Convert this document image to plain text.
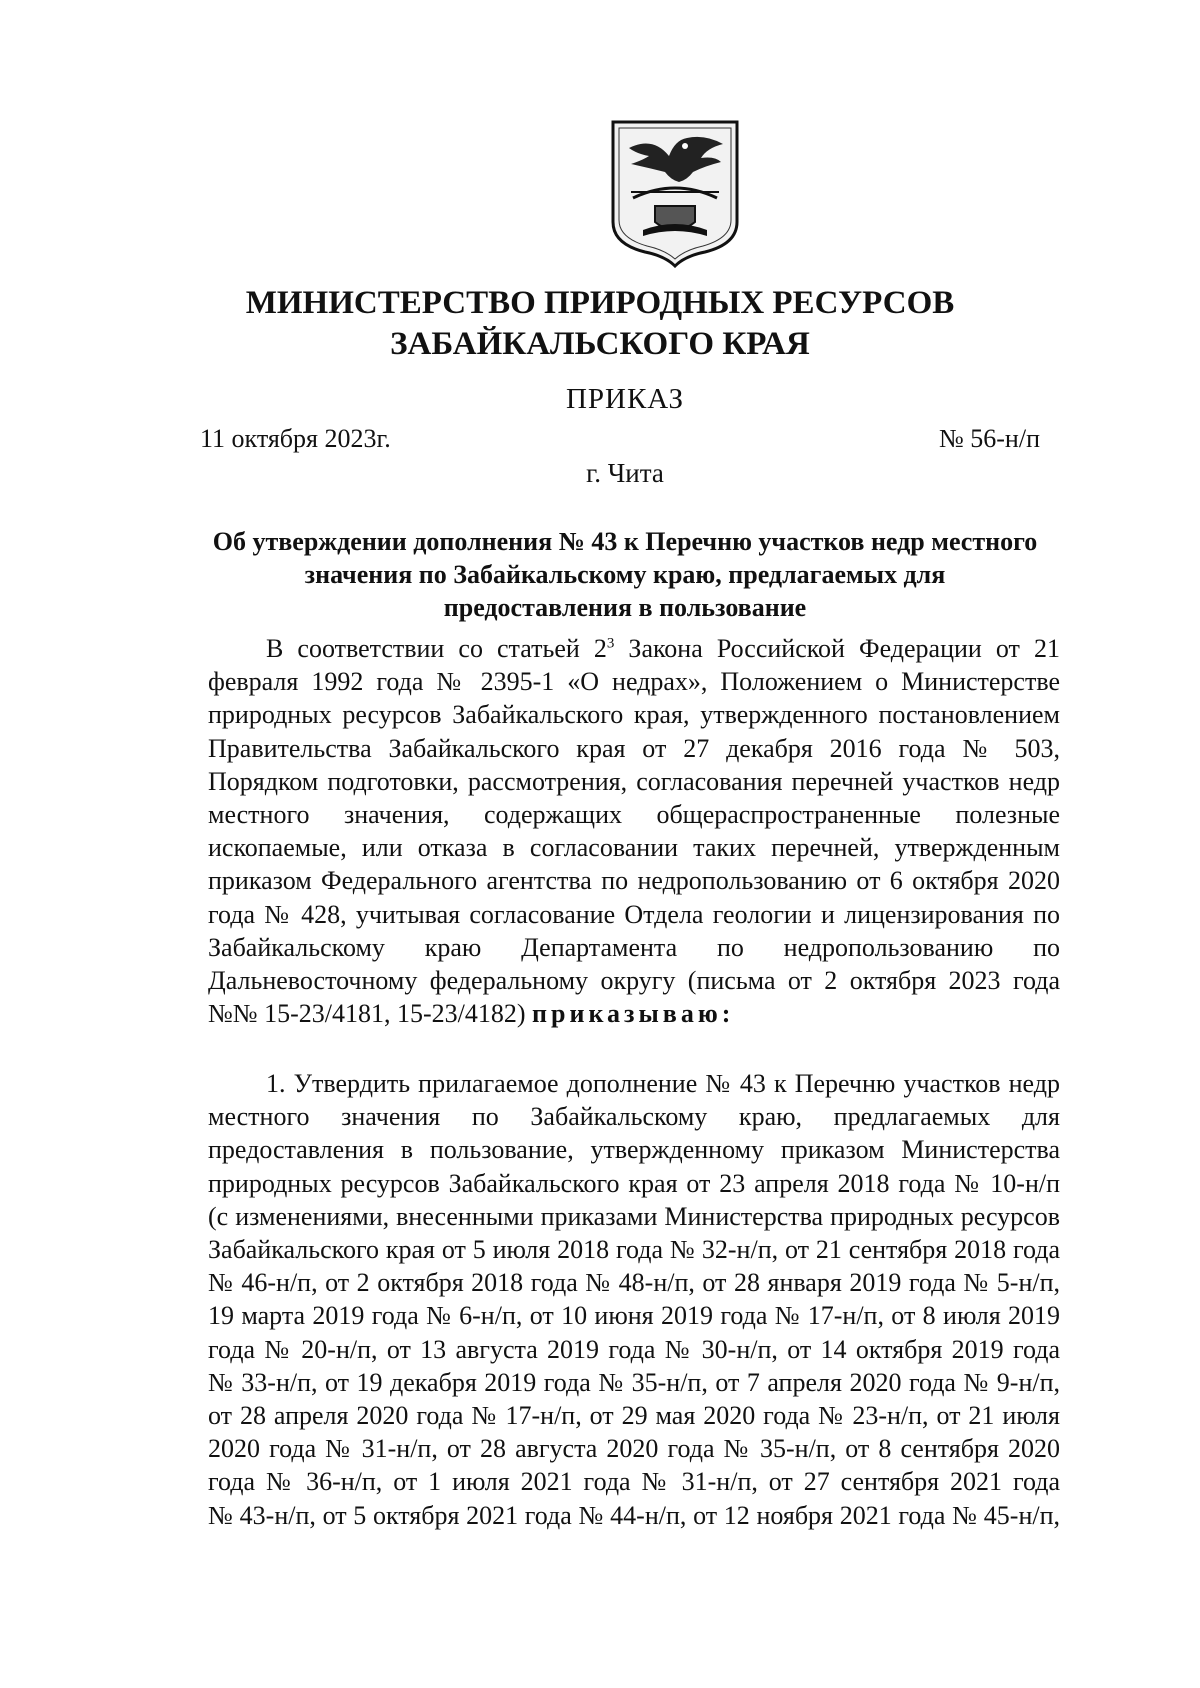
МИНИСТЕРСТВО ПРИРОДНЫХ РЕСУРСОВ
ЗАБАЙКАЛЬСКОГО КРАЯ
ПРИКАЗ
11 октября 2023г.	№ 56-н/п
г. Чита
Об утверждении дополнения № 43 к Перечню участков недр местного
значения по Забайкальскому краю, предлагаемых для
предоставления в пользование
В соответствии со статьей $2^3$ Закона Российской Федерации от 21
февраля 1992 года № 2395-1 «О недрах», Положением о Министерстве
природных ресурсов Забайкальского края, утвержденного постановлением
Правительства Забайкальского края от 27 декабря 2016 года № 503,
Порядком подготовки, рассмотрения, согласования перечней участков недр
местного значения, содержащих общераспространенные полезные
ископаемые, или отказа в согласовании таких перечней, утвержденным
приказом Федерального агентства по недропользованию от 6 октября 2020
года № 428, учитывая согласование Отдела геологии и лицензирования по
Забайкальскому краю Департамента по недропользованию по
Дальневосточному федеральному округу (письма от 2 октября 2023 года
№№ 15-23/4181, 15-23/4182) приказываю:
1. Утвердить прилагаемое дополнение № 43 к Перечню участков недр
местного значения по Забайкальскому краю, предлагаемых для
предоставления в пользование, утвержденному приказом Министерства
природных ресурсов Забайкальского края от 23 апреля 2018 года № 10-н/п
(с изменениями, внесенными приказами Министерства природных ресурсов
Забайкальского края от 5 июля 2018 года № 32-н/п, от 21 сентября 2018 года
№ 46-н/п, от 2 октября 2018 года № 48-н/п, от 28 января 2019 года № 5-н/п,
19 марта 2019 года № 6-н/п, от 10 июня 2019 года № 17-н/п, от 8 июля 2019
года № 20-н/п, от 13 августа 2019 года № 30-н/п, от 14 октября 2019 года
№ 33-н/п, от 19 декабря 2019 года № 35-н/п, от 7 апреля 2020 года № 9-н/п,
от 28 апреля 2020 года № 17-н/п, от 29 мая 2020 года № 23-н/п, от 21 июля
2020 года № 31-н/п, от 28 августа 2020 года № 35-н/п, от 8 сентября 2020
года № 36-н/п, от 1 июля 2021 года № 31-н/п, от 27 сентября 2021 года
№ 43-н/п, от 5 октября 2021 года № 44-н/п, от 12 ноября 2021 года № 45-н/п,
